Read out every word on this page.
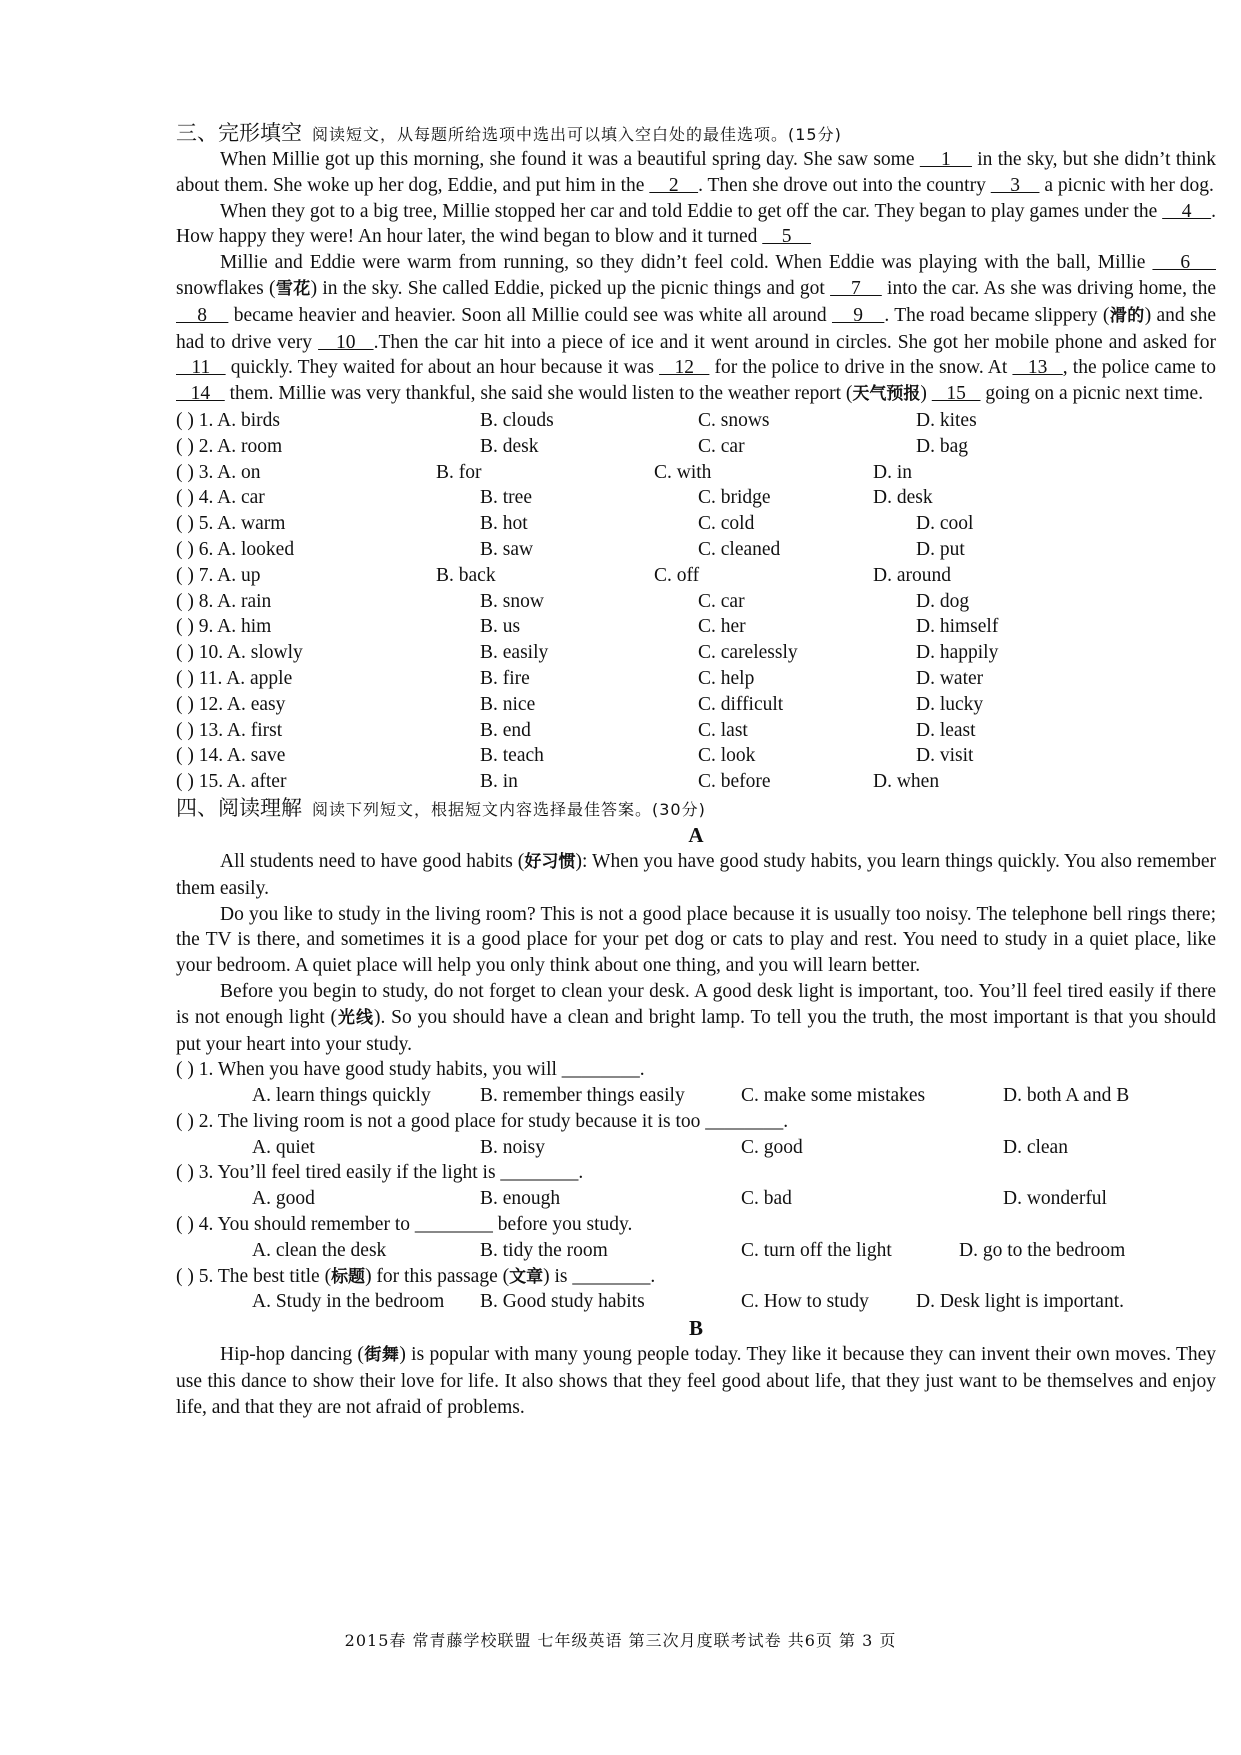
三、完形填空 阅读短文，从每题所给选项中选出可以填入空白处的最佳选项。(15分)

When Millie got up this morning, she found it was a beautiful spring day. She saw some     1     in the sky, but she didn’t think about them. She woke up her dog, Eddie, and put him in the     2    . Then she drove out into the country     3     a picnic with her dog.

When they got to a big tree, Millie stopped her car and told Eddie to get off the car. They began to play games under the     4    . How happy they were! An hour later, the wind began to blow and it turned     5

Millie and Eddie were warm from running, so they didn’t feel cold. When Eddie was playing with the ball, Millie     6     snowflakes (雪花) in the sky. She called Eddie, picked up the picnic things and got     7     into the car. As she was driving home, the     8     became heavier and heavier. Soon all Millie could see was white all around     9    . The road became slippery (滑的) and she had to drive very    10   .Then the car hit into a piece of ice and it went around in circles. She got her mobile phone and asked for    11    quickly. They waited for about an hour because it was    12    for the police to drive in the snow. At    13   , the police came to    14    them. Millie was very thankful, she said she would listen to the weather report (天气预报)    15    going on a picnic next time.

( ) 1. A. birds	B. clouds	C. snows	D. kites
( ) 2. A. room	B. desk	C. car	D. bag
( ) 3. A. on	B. for	C. with	D. in
( ) 4. A. car	B. tree	C. bridge	D. desk
( ) 5. A. warm	B. hot	C. cold	D. cool
( ) 6. A. looked	B. saw	C. cleaned	D. put
( ) 7. A. up	B. back	C. off	D. around
( ) 8. A. rain	B. snow	C. car	D. dog
( ) 9. A. him	B. us	C. her	D. himself
( ) 10. A. slowly	B. easily	C. carelessly	D. happily
( ) 11. A. apple	B. fire	C. help	D. water
( ) 12. A. easy	B. nice	C. difficult	D. lucky
( ) 13. A. first	B. end	C. last	D. least
( ) 14. A. save	B. teach	C. look	D. visit
( ) 15. A. after	B. in	C. before	D. when
四、阅读理解 阅读下列短文，根据短文内容选择最佳答案。(30分)
A

All students need to have good habits (好习惯): When you have good study habits, you learn things quickly. You also remember them easily.

Do you like to study in the living room? This is not a good place because it is usually too noisy. The telephone bell rings there; the TV is there, and sometimes it is a good place for your pet dog or cats to play and rest. You need to study in a quiet place, like your bedroom. A quiet place will help you only think about one thing, and you will learn better.

Before you begin to study, do not forget to clean your desk. A good desk light is important, too. You’ll feel tired easily if there is not enough light (光线). So you should have a clean and bright lamp. To tell you the truth, the most important is that you should put your heart into your study.

( ) 1. When you have good study habits, you will ________.
A. learn things quickly	B. remember things easily	C. make some mistakes	D. both A and B
( ) 2. The living room is not a good place for study because it is too ________.
A. quiet	B. noisy	C. good	D. clean
( ) 3. You’ll feel tired easily if the light is ________.
A. good	B. enough	C. bad	D. wonderful
( ) 4. You should remember to ________ before you study.
A. clean the desk	B. tidy the room	C. turn off the light	D. go to the bedroom
( ) 5. The best title (标题) for this passage (文章) is ________.
A. Study in the bedroom B. Good study habits	C. How to study D. Desk light is important.
B

Hip-hop dancing (街舞) is popular with many young people today. They like it because they can invent their own moves. They use this dance to show their love for life. It also shows that they feel good about life, that they just want to be themselves and enjoy life, and that they are not afraid of problems.

2015春 常青藤学校联盟 七年级英语 第三次月度联考试卷 共6页 第 3 页
